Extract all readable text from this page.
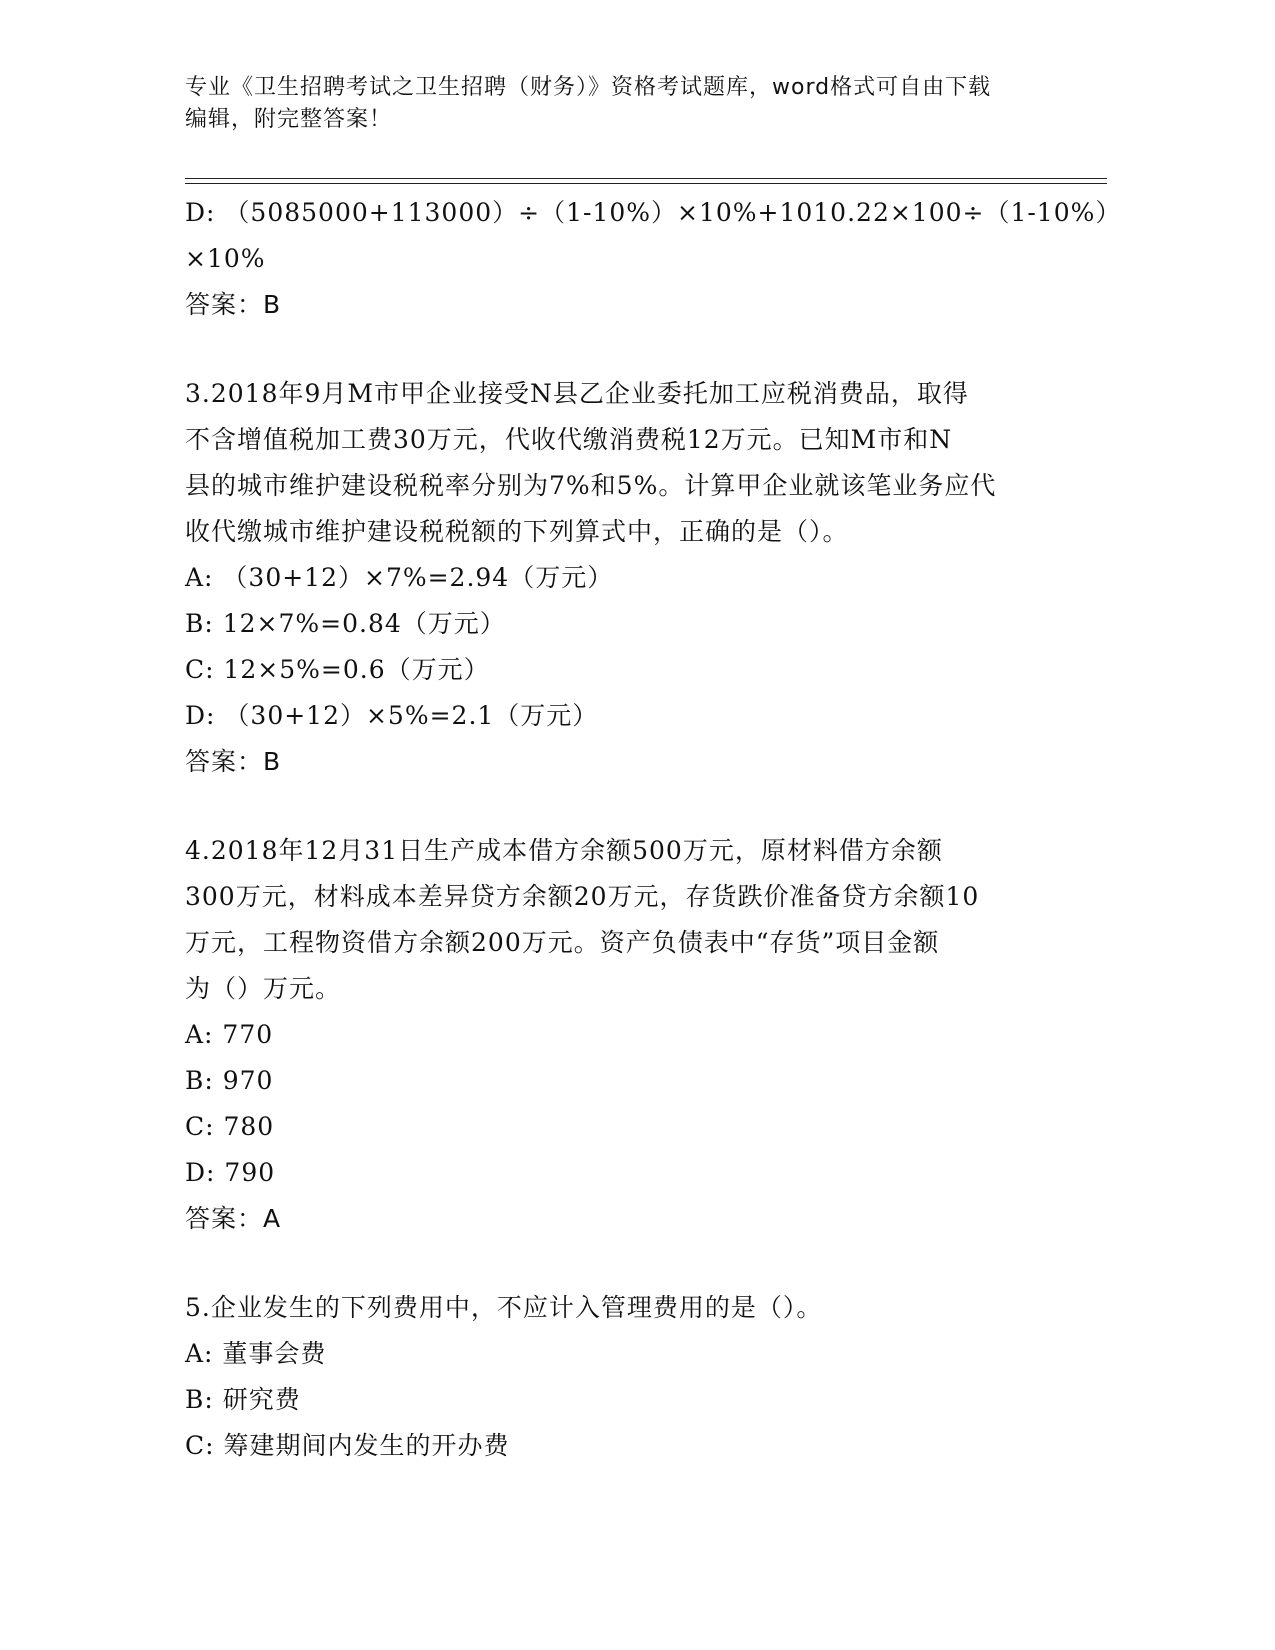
专业《卫生招聘考试之卫生招聘（财务）》资格考试题库，word格式可自由下载
编辑，附完整答案！
D: （5085000+113000）÷（1-10%）×10%+1010.22×100÷（1-10%）
×10%
答案：B
3.2018年9月M市甲企业接受N县乙企业委托加工应税消费品，取得
不含增值税加工费30万元，代收代缴消费税12万元。已知M市和N
县的城市维护建设税税率分别为7%和5%。计算甲企业就该笔业务应代
收代缴城市维护建设税税额的下列算式中，正确的是（）。
A: （30+12）×7%=2.94（万元）
B: 12×7%=0.84（万元）
C: 12×5%=0.6（万元）
D: （30+12）×5%=2.1（万元）
答案：B
4.2018年12月31日生产成本借方余额500万元，原材料借方余额
300万元，材料成本差异贷方余额20万元，存货跌价准备贷方余额10
万元，工程物资借方余额200万元。资产负债表中“存货”项目金额
为（）万元。
A: 770
B: 970
C: 780
D: 790
答案：A
5.企业发生的下列费用中，不应计入管理费用的是（）。
A: 董事会费
B: 研究费
C: 筹建期间内发生的开办费
